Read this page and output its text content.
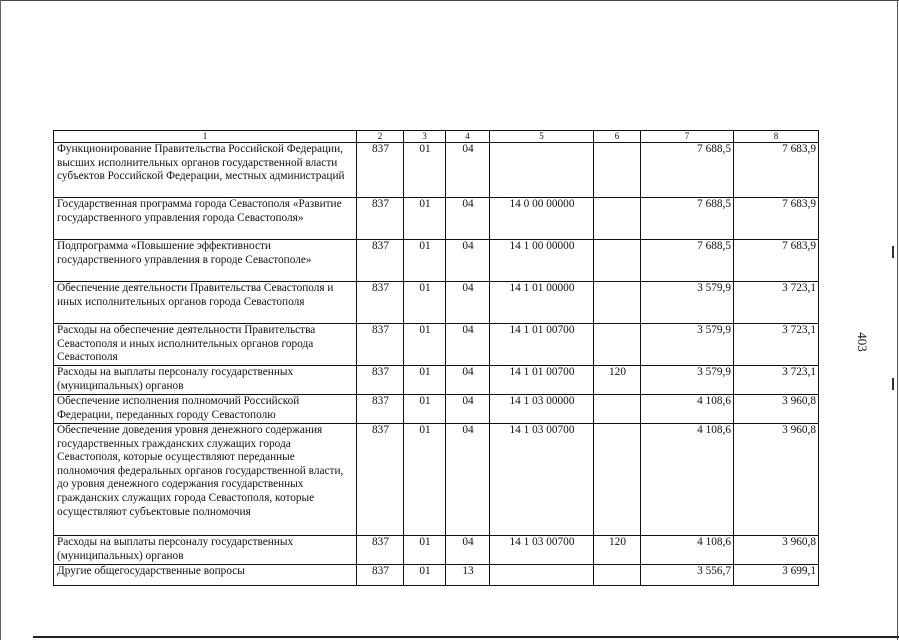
403
1	2	3	4	5	6	7	8
Функционирование Правительства Российской Федерации, высших исполнительных органов государственной власти субъектов Российской Федерации, местных администраций	837	01	04			7 688,5	7 683,9
Государственная программа города Севастополя «Развитие государственного управления города Севастополя»	837	01	04	14 0 00 00000		7 688,5	7 683,9
Подпрограмма «Повышение эффективности государственного управления в городе Севастополе»	837	01	04	14 1 00 00000		7 688,5	7 683,9
Обеспечение деятельности Правительства Севастополя и иных исполнительных органов города Севастополя	837	01	04	14 1 01 00000		3 579,9	3 723,1
Расходы на обеспечение деятельности Правительства Севастополя и иных исполнительных органов города Севастополя	837	01	04	14 1 01 00700		3 579,9	3 723,1
Расходы на выплаты персоналу государственных (муниципальных) органов	837	01	04	14 1 01 00700	120	3 579,9	3 723,1
Обеспечение исполнения полномочий Российской Федерации, переданных городу Севастополю	837	01	04	14 1 03 00000		4 108,6	3 960,8
Обеспечение доведения уровня денежного содержания государственных гражданских служащих города Севастополя, которые осуществляют переданные полномочия федеральных органов государственной власти, до уровня денежного содержания государственных гражданских служащих города Севастополя, которые осуществляют субъектовые полномочия	837	01	04	14 1 03 00700		4 108,6	3 960,8
Расходы на выплаты персоналу государственных (муниципальных) органов	837	01	04	14 1 03 00700	120	4 108,6	3 960,8
Другие общегосударственные вопросы	837	01	13			3 556,7	3 699,1
